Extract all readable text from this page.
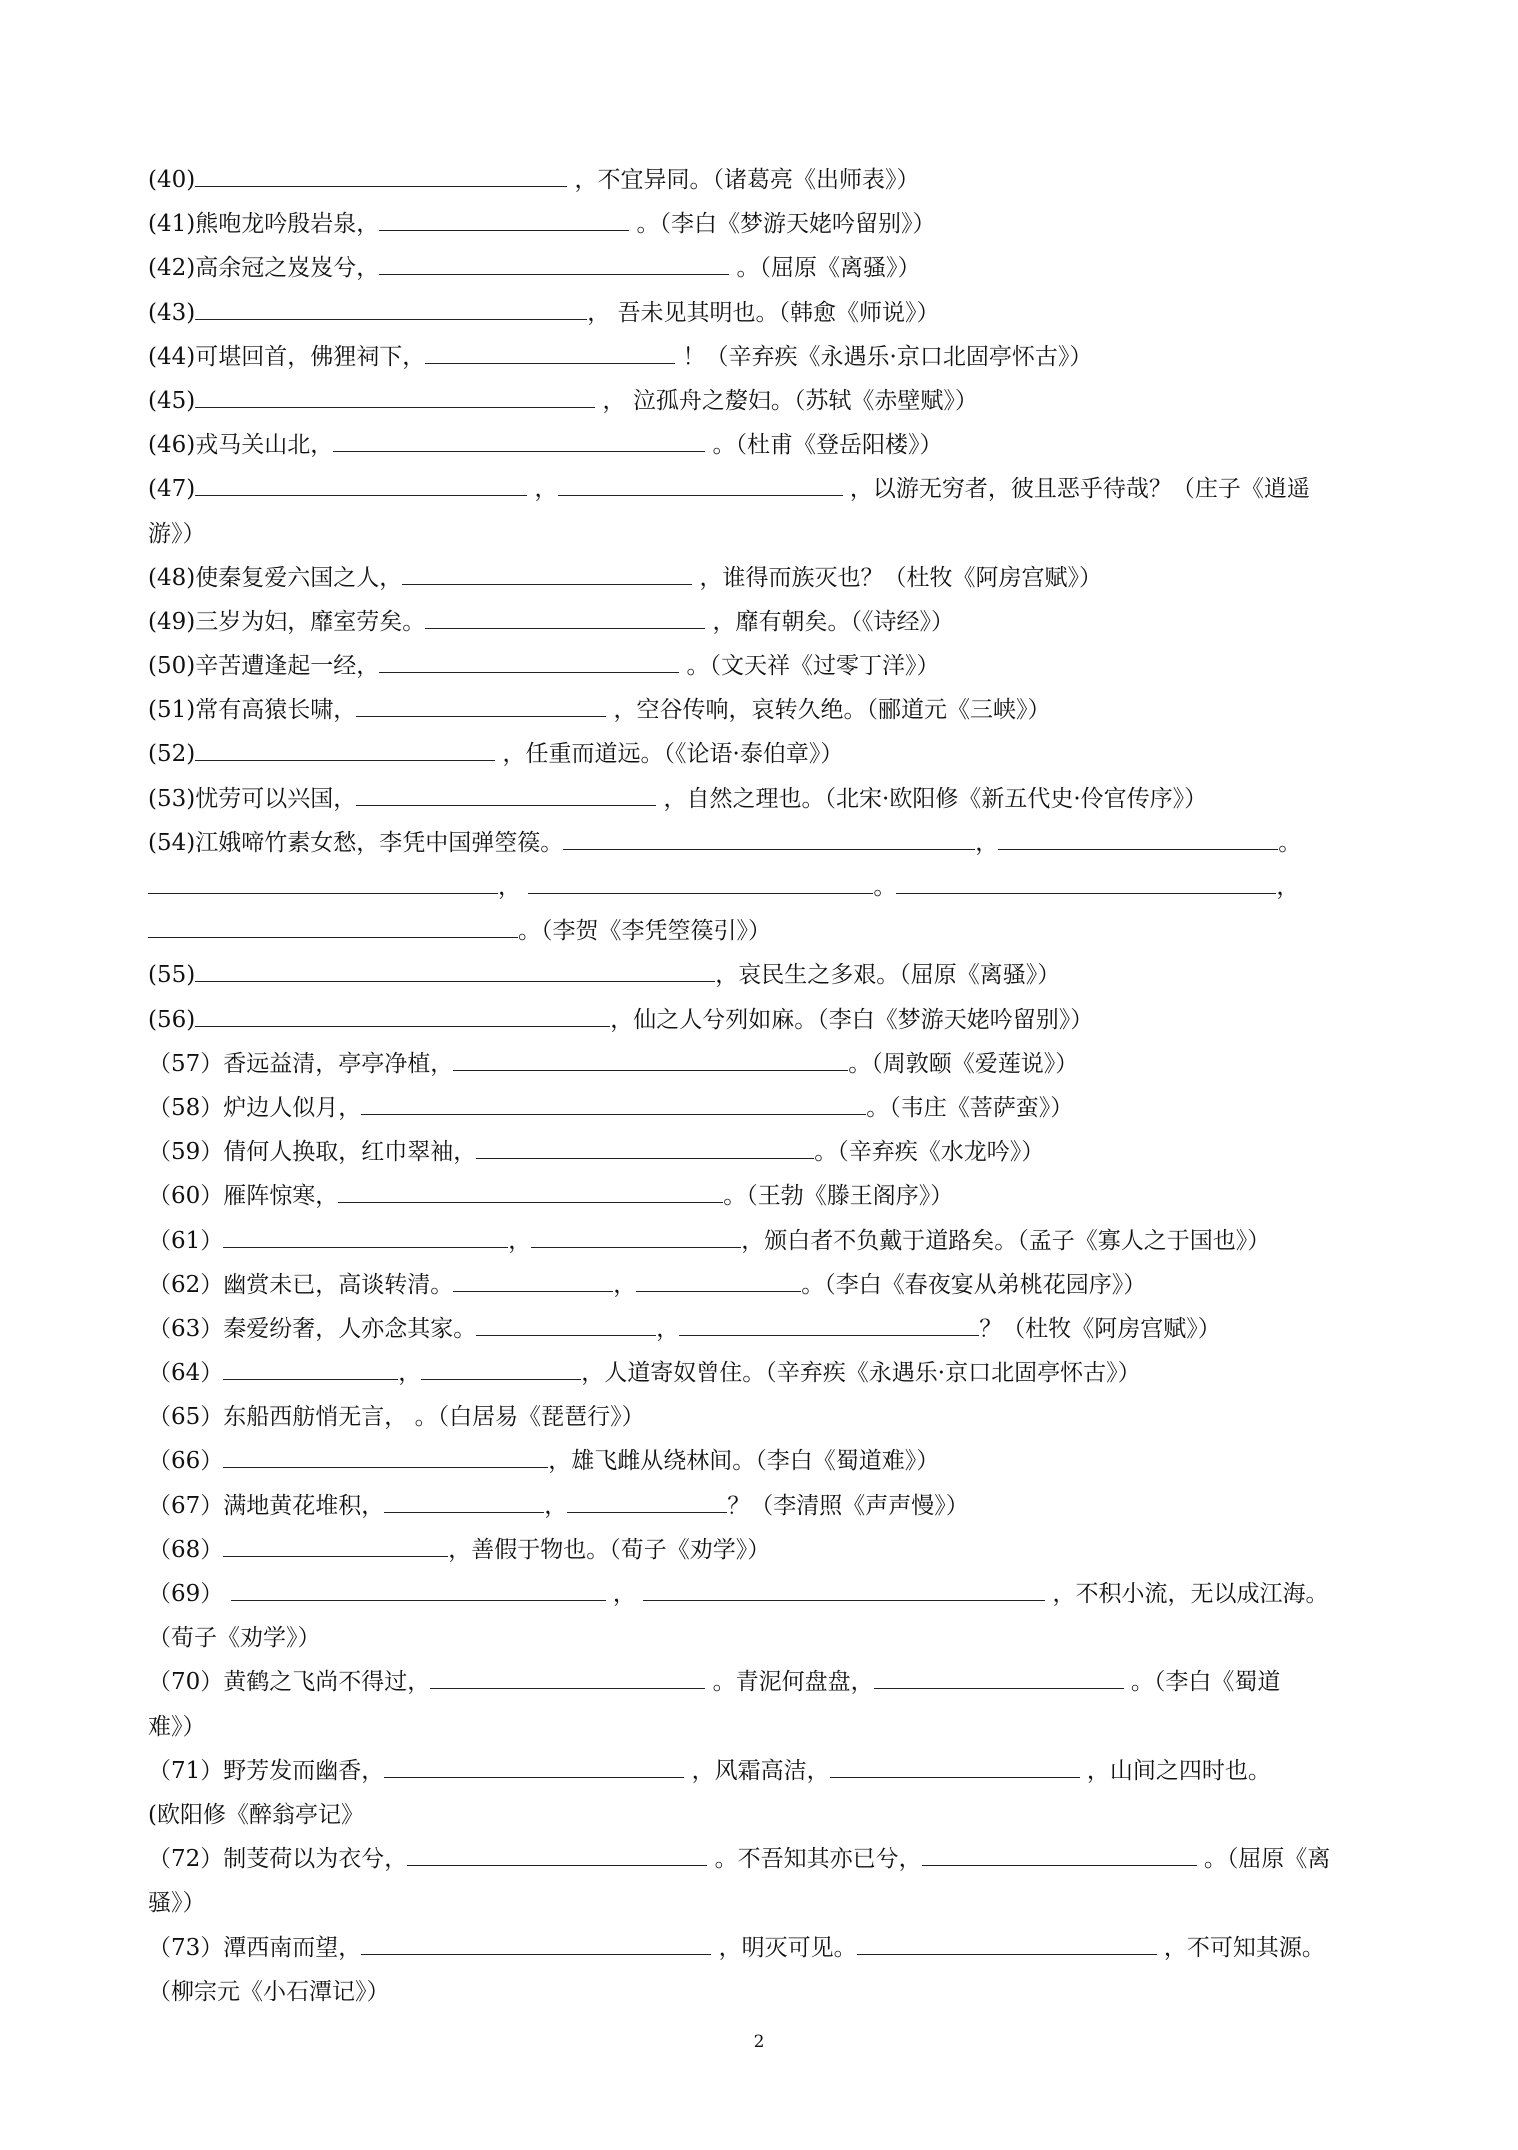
(40)	，不宜异同。（诸葛亮《出师表》）
(41)熊咆龙吟殷岩泉，	。（李白《梦游天姥吟留别》）
(42)高余冠之岌岌兮，	。（屈原《离骚》）
(43)	， 吾未见其明也。（韩愈《师说》）
(44)可堪回首，佛狸祠下，	！（辛弃疾《永遇乐·京口北固亭怀古》）
(45)	， 泣孤舟之嫠妇。（苏轼《赤壁赋》）
(46)戎马关山北，	。（杜甫《登岳阳楼》）
(47)	，	，以游无穷者，彼且恶乎待哉？（庄子《逍遥
游》）
(48)使秦复爱六国之人，	，谁得而族灭也？（杜牧《阿房宫赋》）
(49)三岁为妇，靡室劳矣。	，靡有朝矣。（《诗经》）
(50)辛苦遭逢起一经，	。（文天祥《过零丁洋》）
(51)常有高猿长啸，	，空谷传响，哀转久绝。（郦道元《三峡》）
(52)	，任重而道远。（《论语·泰伯章》）
(53)忧劳可以兴国，	，自然之理也。（北宋·欧阳修《新五代史·伶官传序》）
(54)江娥啼竹素女愁，李凭中国弹箜篌。	，	。
，	。	，
。（李贺《李凭箜篌引》）
(55)	，哀民生之多艰。（屈原《离骚》）
(56)	，仙之人兮列如麻。（李白《梦游天姥吟留别》）
（57）香远益清，亭亭净植，	。（周敦颐《爱莲说》）
（58）炉边人似月，	。（韦庄《菩萨蛮》）
（59）倩何人换取，红巾翠袖，	。（辛弃疾《水龙吟》）
（60）雁阵惊寒，	。（王勃《滕王阁序》）
（61）	，	，颁白者不负戴于道路矣。（孟子《寡人之于国也》）
（62）幽赏未已，高谈转清。	，	。（李白《春夜宴从弟桃花园序》）
（63）秦爱纷奢，人亦念其家。	，	？（杜牧《阿房宫赋》）
（64）	，	，人道寄奴曾住。（辛弃疾《永遇乐·京口北固亭怀古》）
（65）东船西舫悄无言， 。（白居易《琵琶行》）
（66）	，雄飞雌从绕林间。（李白《蜀道难》）
（67）满地黄花堆积，	，	？（李清照《声声慢》）
（68）	，善假于物也。（荀子《劝学》）
（69）	，	，不积小流，无以成江海。
（荀子《劝学》）
（70）黄鹤之飞尚不得过，	。青泥何盘盘，	。（李白《蜀道
难》）
（71）野芳发而幽香，	，风霜高洁，	，山间之四时也。
(欧阳修《醉翁亭记》
（72）制芰荷以为衣兮，	。不吾知其亦已兮，	。（屈原《离
骚》）
（73）潭西南而望，	，明灭可见。	，不可知其源。
（柳宗元《小石潭记》）
2
